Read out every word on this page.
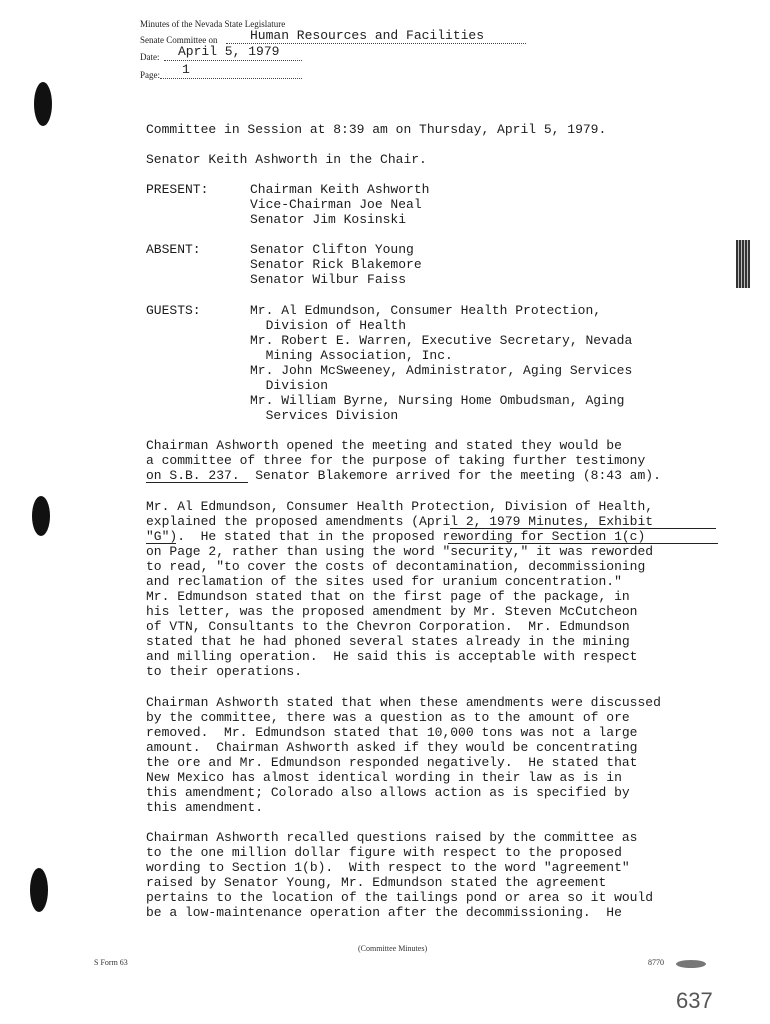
Minutes of the Nevada State Legislature
Senate Committee on	Human Resources and Facilities
Date: April 5, 1979
Page: 1
Committee in Session at 8:39 am on Thursday, April 5, 1979.
Senator Keith Ashworth in the Chair.
PRESENT:	Chairman Keith Ashworth
Vice-Chairman Joe Neal
Senator Jim Kosinski
ABSENT:	Senator Clifton Young
Senator Rick Blakemore
Senator Wilbur Faiss
GUESTS:	Mr. Al Edmundson, Consumer Health Protection,
Division of Health
Mr. Robert E. Warren, Executive Secretary, Nevada
Mining Association, Inc.
Mr. John McSweeney, Administrator, Aging Services
Division
Mr. William Byrne, Nursing Home Ombudsman, Aging
Services Division
Chairman Ashworth opened the meeting and stated they would be
a committee of three for the purpose of taking further testimony
on S.B. 237.  Senator Blakemore arrived for the meeting (8:43 am).
Mr. Al Edmundson, Consumer Health Protection, Division of Health,
explained the proposed amendments (April 2, 1979 Minutes, Exhibit
"G").  He stated that in the proposed rewording for Section 1(c)
on Page 2, rather than using the word "security," it was reworded
to read, "to cover the costs of decontamination, decommissioning
and reclamation of the sites used for uranium concentration."
Mr. Edmundson stated that on the first page of the package, in
his letter, was the proposed amendment by Mr. Steven McCutcheon
of VTN, Consultants to the Chevron Corporation.  Mr. Edmundson
stated that he had phoned several states already in the mining
and milling operation.  He said this is acceptable with respect
to their operations.
Chairman Ashworth stated that when these amendments were discussed
by the committee, there was a question as to the amount of ore
removed.  Mr. Edmundson stated that 10,000 tons was not a large
amount.  Chairman Ashworth asked if they would be concentrating
the ore and Mr. Edmundson responded negatively.  He stated that
New Mexico has almost identical wording in their law as is in
this amendment; Colorado also allows action as is specified by
this amendment.
Chairman Ashworth recalled questions raised by the committee as
to the one million dollar figure with respect to the proposed
wording to Section 1(b).  With respect to the word "agreement"
raised by Senator Young, Mr. Edmundson stated the agreement
pertains to the location of the tailings pond or area so it would
be a low-maintenance operation after the decommissioning.  He
(Committee Minutes)
S Form 63	8770
637
